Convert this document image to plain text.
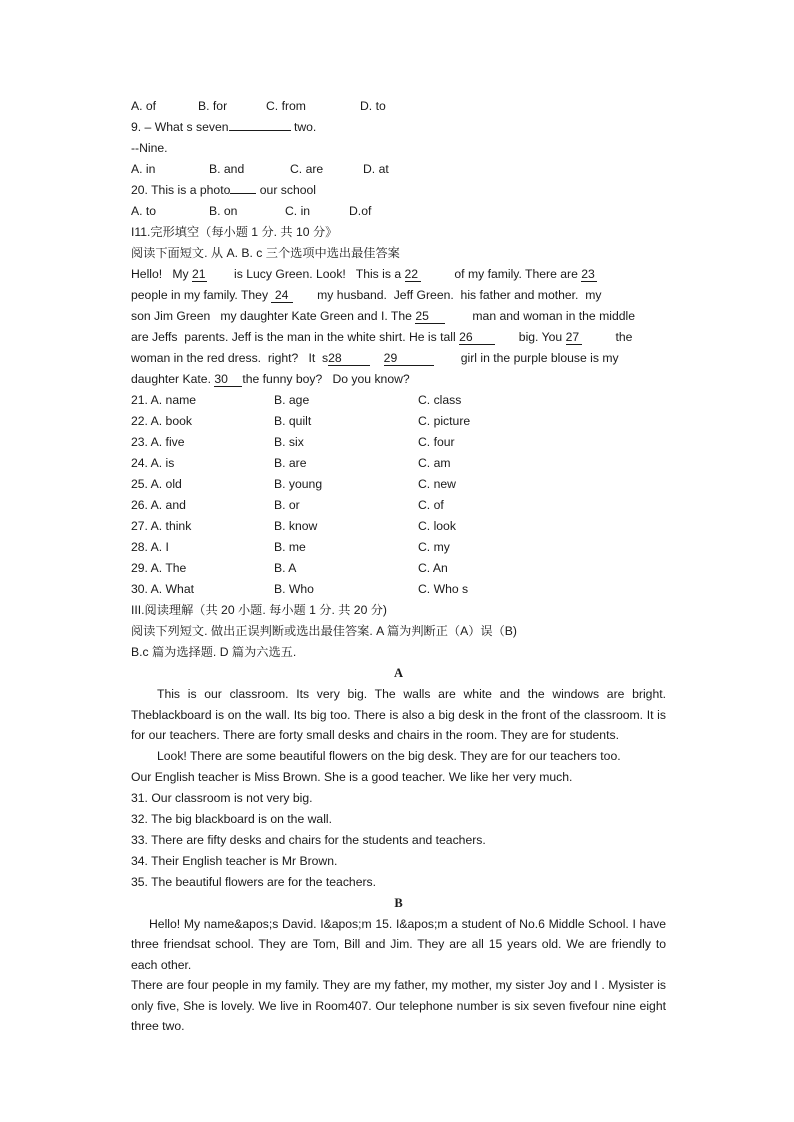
A. of	B. for	C. from	D. to
9. – What s seven	two.
--Nine.
A. in	B. and	C. are	D. at
20. This is a photo our school
A. to	B. on	C. in	D.of
I11.完形填空（每小题 1 分. 共 10 分》
阅读下面短文. 从 A. B. c 三个选项中选出最佳答案
Hello!   My 21        is Lucy Green. Look!   This is a 22          of my family. There are 23
people in my family. They  24       my husband.  Jeff Green.  his father and mother.  my
son Jim Green   my daughter Kate Green and I. The 25        man and woman in the middle
are Jeffs  parents. Jeff is the man in the white shirt. He is tall 26       big. You 27          the
woman in the red dress.  right?   It  s28	29	girl in the purple blouse is my
daughter Kate. 30 the funny boy?   Do you know?
21. A. name	B. age	C. class
22. A. book	B. quilt	C. picture
23. A. five	B. six	C. four
24. A. is	B. are	C. am
25. A. old	B. young	C. new
26. A. and	B. or	C. of
27. A. think	B. know	C. look
28. A. I	B. me	C. my
29. A. The	B. A	C. An
30. A. What	B. Who	C. Who s
III.阅读理解（共 20 小题. 每小题 1 分. 共 20 分)
阅读下列短文. 做出正误判断或选出最佳答案. A 篇为判断正（A）误（B)
B.c 篇为选择题. D 篇为六选五.
A
This is our classroom. Its very big. The walls are white and the windows are bright. Theblackboard is on the wall. Its big too. There is also a big desk in the front of the classroom. It is for our teachers. There are forty small desks and chairs in the room. They are for students.
Look! There are some beautiful flowers on the big desk. They are for our teachers too.
Our English teacher is Miss Brown. She is a good teacher. We like her very much.
31. Our classroom is not very big.
32. The big blackboard is on the wall.
33. There are fifty desks and chairs for the students and teachers.
34. Their English teacher is Mr Brown.
35. The beautiful flowers are for the teachers.
B
Hello! My name&apos;s David. I&apos;m 15. I&apos;m a student of No.6 Middle School. I have three friendsat school. They are Tom, Bill and Jim. They are all 15 years old. We are friendly to each other.
There are four people in my family. They are my father, my mother, my sister Joy and I . Mysister is only five, She is lovely. We live in Room407. Our telephone number is six seven fivefour nine eight three two.
